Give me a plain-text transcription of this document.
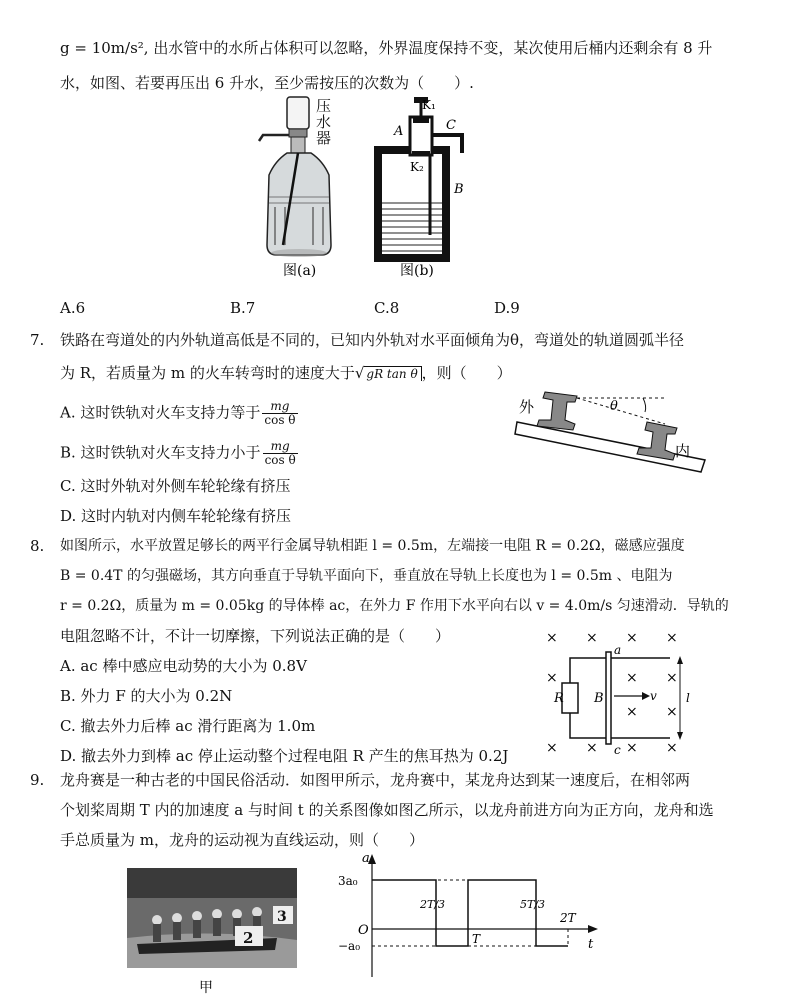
g = 10m/s², 出水管中的水所占体积可以忽略，外界温度保持不变，某次使用后桶内还剩余有 8 升
水，如图、若要再压出 6 升水，至少需按压的次数为（　　）.
图(a)
压水器
K₁
A	C
K₂
B
图(b)
A.6	B.7	C.8	D.9
7. 铁路在弯道处的内外轨道高低是不同的，已知内外轨对水平面倾角为θ，弯道处的轨道圆弧半径
为 R，若质量为 m 的火车转弯时的速度大于√ gR tan θ ，则（　　）
A. 这时铁轨对火车支持力等于 $\frac{mg}{\text{cos θ}}$
B. 这时铁轨对火车支持力小于 $\frac{mg}{\text{cos θ}}$
C. 这时外轨对外侧车轮轮缘有挤压
D. 这时内轨对内侧车轮轮缘有挤压
外
内
θ
8. 如图所示，水平放置足够长的两平行金属导轨相距 l = 0.5m，左端接一电阻 R = 0.2Ω，磁感应强度
B = 0.4T 的匀强磁场，其方向垂直于导轨平面向下，垂直放在导轨上长度也为 l = 0.5m 、电阻为
r = 0.2Ω，质量为 m = 0.05kg 的导体棒 ac，在外力 F 作用下水平向右以 v = 4.0m/s 匀速滑动．导轨的
电阻忽略不计，不计一切摩擦，下列说法正确的是（　　）
A. ac 棒中感应电动势的大小为 0.8V
B. 外力 F 的大小为 0.2N
C. 撤去外力后棒 ac 滑行距离为 1.0m
D. 撤去外力到棒 ac 停止运动整个过程电阻 R 产生的焦耳热为 0.2J
× × × ×
×	× ×
× ×
× × × ×
R
a
c
B	v l
9. 龙舟赛是一种古老的中国民俗活动．如图甲所示，龙舟赛中，某龙舟达到某一速度后，在相邻两
个划桨周期 T 内的加速度 a 与时间 t 的关系图像如图乙所示，以龙舟前进方向为正方向，龙舟和选
手总质量为 m，龙舟的运动视为直线运动，则（　　）
2
3
甲
a
t
O
3a₀
−a₀
2T/3
T
5T/3
2T
